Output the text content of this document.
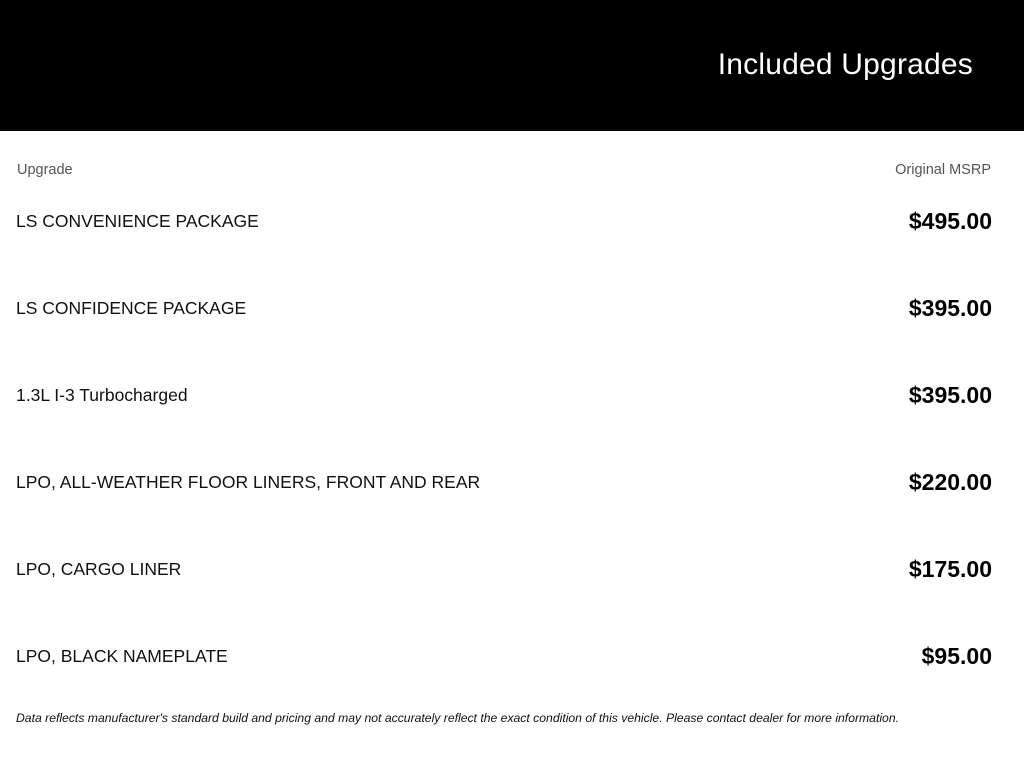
Included Upgrades
Upgrade	Original MSRP
LS CONVENIENCE PACKAGE	$495.00
LS CONFIDENCE PACKAGE	$395.00
1.3L I-3 Turbocharged	$395.00
LPO, ALL-WEATHER FLOOR LINERS, FRONT AND REAR	$220.00
LPO, CARGO LINER	$175.00
LPO, BLACK NAMEPLATE	$95.00
Data reflects manufacturer's standard build and pricing and may not accurately reflect the exact condition of this vehicle. Please contact dealer for more information.
